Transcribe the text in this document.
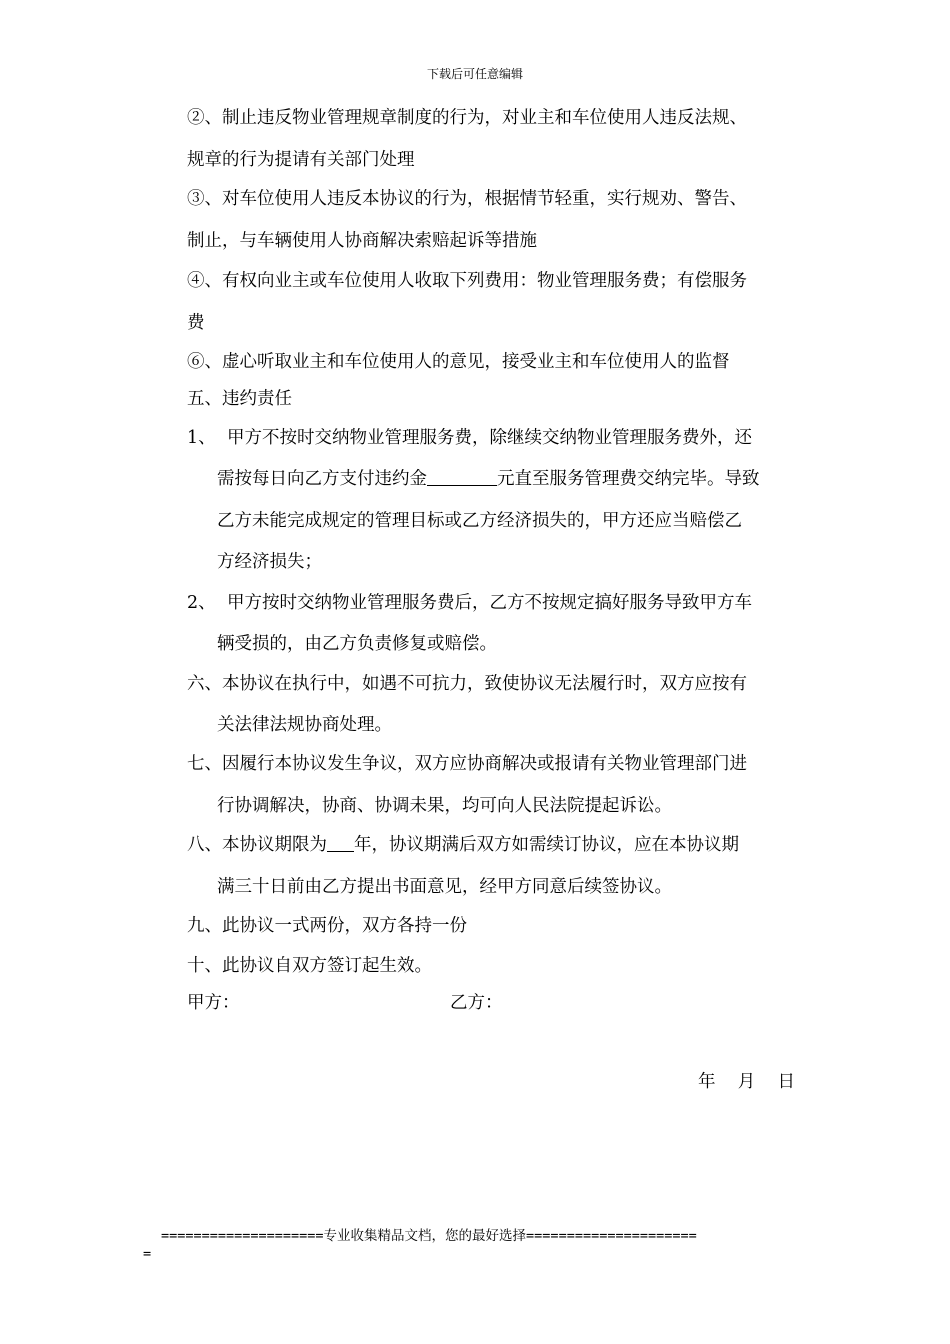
下载后可任意编辑
②、制止违反物业管理规章制度的行为，对业主和车位使用人违反法规、
规章的行为提请有关部门处理
③、对车位使用人违反本协议的行为，根据情节轻重，实行规劝、警告、
制止，与车辆使用人协商解决索赔起诉等措施
④、有权向业主或车位使用人收取下列费用：物业管理服务费；有偿服务
费
⑥、虚心听取业主和车位使用人的意见，接受业主和车位使用人的监督
五、违约责任
1、 甲方不按时交纳物业管理服务费，除继续交纳物业管理服务费外，还
需按每日向乙方支付违约金	元直至服务管理费交纳完毕。导致
乙方未能完成规定的管理目标或乙方经济损失的，甲方还应当赔偿乙
方经济损失；
2、 甲方按时交纳物业管理服务费后，乙方不按规定搞好服务导致甲方车
辆受损的，由乙方负责修复或赔偿。
六、本协议在执行中，如遇不可抗力，致使协议无法履行时，双方应按有
关法律法规协商处理。
七、因履行本协议发生争议，双方应协商解决或报请有关物业管理部门进
行协调解决，协商、协调未果，均可向人民法院提起诉讼。
八、本协议期限为 年，协议期满后双方如需续订协议，应在本协议期
满三十日前由乙方提出书面意见，经甲方同意后续签协议。
九、此协议一式两份，双方各持一份
十、此协议自双方签订起生效。
甲方：	乙方：
年    月    日
====================专业收集精品文档，您的最好选择=====================
=
